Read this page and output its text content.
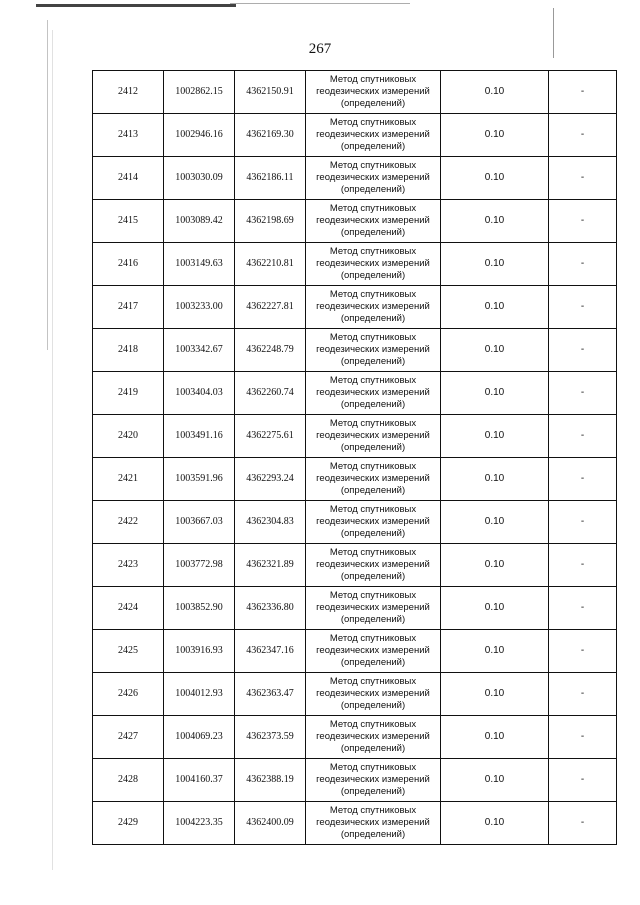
267
2412	1002862.15	4362150.91	Метод спутниковых
геодезических измерений
(определений)	0.10	-
2413	1002946.16	4362169.30	Метод спутниковых
геодезических измерений
(определений)	0.10	-
2414	1003030.09	4362186.11	Метод спутниковых
геодезических измерений
(определений)	0.10	-
2415	1003089.42	4362198.69	Метод спутниковых
геодезических измерений
(определений)	0.10	-
2416	1003149.63	4362210.81	Метод спутниковых
геодезических измерений
(определений)	0.10	-
2417	1003233.00	4362227.81	Метод спутниковых
геодезических измерений
(определений)	0.10	-
2418	1003342.67	4362248.79	Метод спутниковых
геодезических измерений
(определений)	0.10	-
2419	1003404.03	4362260.74	Метод спутниковых
геодезических измерений
(определений)	0.10	-
2420	1003491.16	4362275.61	Метод спутниковых
геодезических измерений
(определений)	0.10	-
2421	1003591.96	4362293.24	Метод спутниковых
геодезических измерений
(определений)	0.10	-
2422	1003667.03	4362304.83	Метод спутниковых
геодезических измерений
(определений)	0.10	-
2423	1003772.98	4362321.89	Метод спутниковых
геодезических измерений
(определений)	0.10	-
2424	1003852.90	4362336.80	Метод спутниковых
геодезических измерений
(определений)	0.10	-
2425	1003916.93	4362347.16	Метод спутниковых
геодезических измерений
(определений)	0.10	-
2426	1004012.93	4362363.47	Метод спутниковых
геодезических измерений
(определений)	0.10	-
2427	1004069.23	4362373.59	Метод спутниковых
геодезических измерений
(определений)	0.10	-
2428	1004160.37	4362388.19	Метод спутниковых
геодезических измерений
(определений)	0.10	-
2429	1004223.35	4362400.09	Метод спутниковых
геодезических измерений
(определений)	0.10	-
